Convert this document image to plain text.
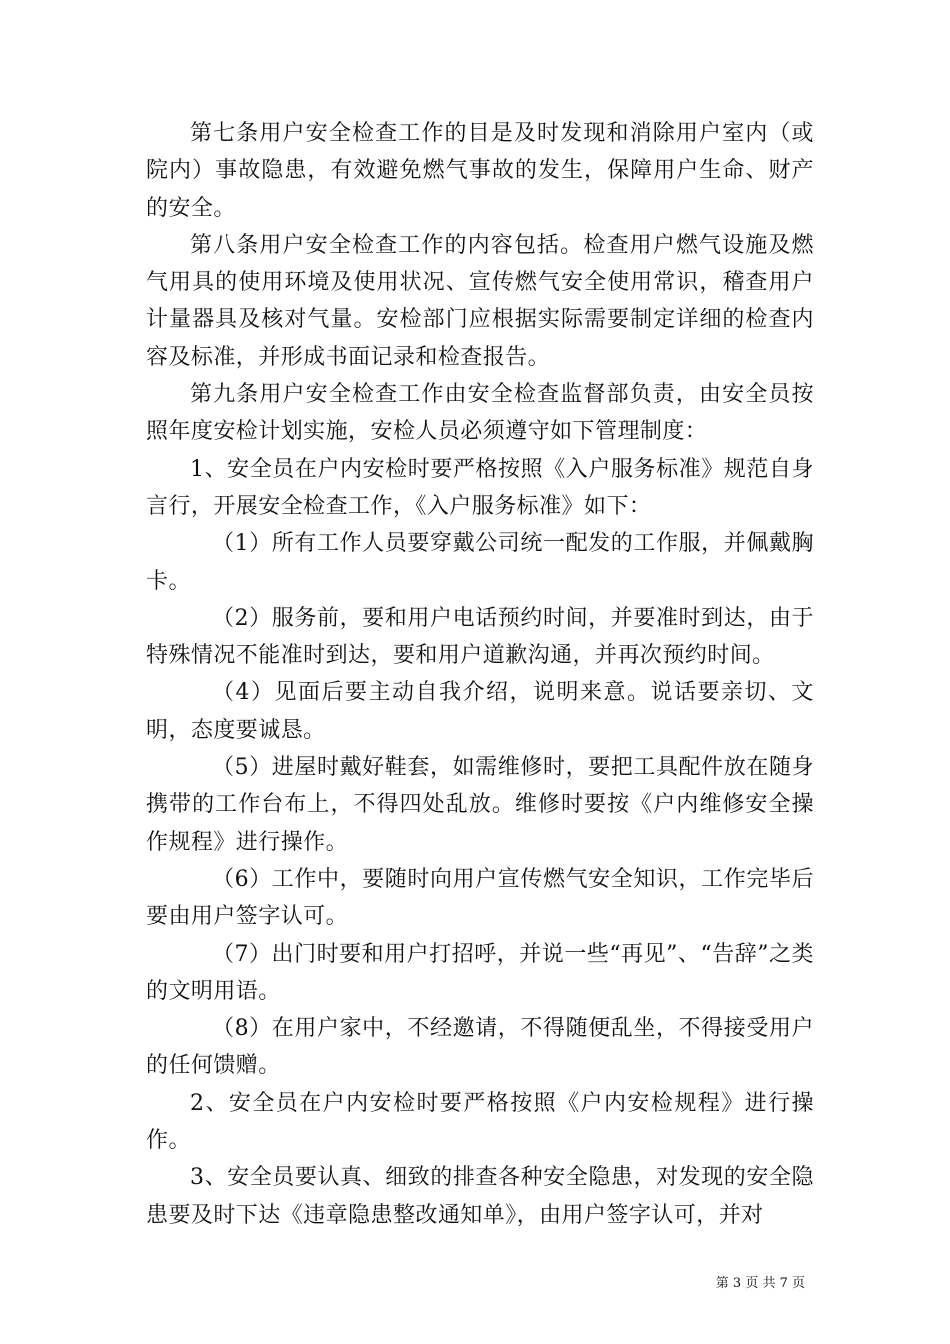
第七条用户安全检查工作的目是及时发现和消除用户室内（或院内）事故隐患，有效避免燃气事故的发生，保障用户生命、财产的安全。

第八条用户安全检查工作的内容包括。检查用户燃气设施及燃气用具的使用环境及使用状况、宣传燃气安全使用常识，稽查用户计量器具及核对气量。安检部门应根据实际需要制定详细的检查内容及标准，并形成书面记录和检查报告。

第九条用户安全检查工作由安全检查监督部负责，由安全员按照年度安检计划实施，安检人员必须遵守如下管理制度：

1、安全员在户内安检时要严格按照《入户服务标准》规范自身言行，开展安全检查工作，《入户服务标准》如下：

（1）所有工作人员要穿戴公司统一配发的工作服，并佩戴胸卡。

（2）服务前，要和用户电话预约时间，并要准时到达，由于特殊情况不能准时到达，要和用户道歉沟通，并再次预约时间。

（4）见面后要主动自我介绍，说明来意。说话要亲切、文明，态度要诚恳。

（5）进屋时戴好鞋套，如需维修时，要把工具配件放在随身携带的工作台布上，不得四处乱放。维修时要按《户内维修安全操作规程》进行操作。

（6）工作中，要随时向用户宣传燃气安全知识，工作完毕后要由用户签字认可。

（7）出门时要和用户打招呼，并说一些“再见”、“告辞”之类的文明用语。

（8）在用户家中，不经邀请，不得随便乱坐，不得接受用户的任何馈赠。

2、安全员在户内安检时要严格按照《户内安检规程》进行操作。

3、安全员要认真、细致的排查各种安全隐患，对发现的安全隐患要及时下达《违章隐患整改通知单》，由用户签字认可，并对

第 3 页 共 7 页
